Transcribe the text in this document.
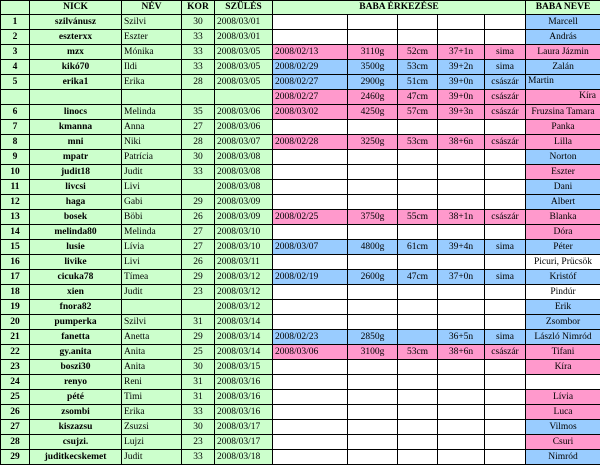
	NICK	NÉV	KOR	SZÜLÉS	BABA ÉRKEZÉSE					BABA NEVE
1	szilvánusz	Szilvi	30	2008/03/01						Marcell
2	eszterxx	Eszter	33	2008/03/01						András
3	mzx	Mónika	33	2008/03/05	2008/02/13	3110g	52cm	37+1n	sima	Laura Jázmin
4	kikó70	Ildi	33	2008/03/05	2008/02/29	3500g	53cm	39+2n	sima	Zalán
5	erika1	Erika	28	2008/03/05	2008/02/27	2900g	51cm	39+0n	császár	Martin

					2008/02/27	2460g	47cm	39+0n	császár	Kíra

6	linocs	Melinda	35	2008/03/06	2008/03/02	4250g	57cm	39+3n	császár	Fruzsina Tamara
7	kmanna	Anna	27	2008/03/06						Panka
8	mni	Niki	28	2008/03/07	2008/02/28	3250g	53cm	38+6n	császár	Lilla
9	mpatr	Patrícia	30	2008/03/08						Norton
10	judit18	Judit	33	2008/03/08						Eszter
11	livcsi	Livi		2008/03/08						Dani
12	haga	Gabi	29	2008/03/09						Albert
13	bosek	Böbi	26	2008/03/09	2008/02/25	3750g	55cm	38+1n	császár	Blanka
14	melinda80	Melinda	27	2008/03/10						Dóra
15	lusie	Lívia	27	2008/03/10	2008/03/07	4800g	61cm	39+4n	sima	Péter
16	livike	Livi	26	2008/03/11						Picuri, Prücsök
17	cicuka78	Tímea	29	2008/03/12	2008/02/19	2600g	47cm	37+0n	sima	Kristóf
18	xien	Judit	23	2008/03/12						Pindúr
19	fnora82			2008/03/12						Erik
20	pumperka	Szilvi	31	2008/03/14						Zsombor
21	fanetta	Anetta	29	2008/03/14	2008/02/23	2850g		36+5n	sima	László Nimród
22	gy.anita	Anita	25	2008/03/14	2008/03/06	3100g	53cm	38+6n	császár	Tifani
23	boszi30	Anita	30	2008/03/15						Kíra
24	renyo	Reni	31	2008/03/16						
25	pété	Timi	31	2008/03/16						Lívia
26	zsombi	Erika	33	2008/03/16						Luca
27	kiszazsu	Zsuzsi	30	2008/03/17						Vilmos
28	csujzi.	Lujzi	23	2008/03/17						Csuri
29	juditkecskemet	Judit	33	2008/03/18						Nimród
